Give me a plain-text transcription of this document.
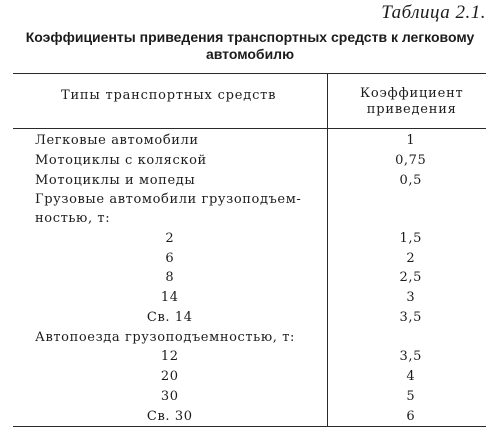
Таблица 2.1.
Коэффициенты приведения транспортных средств к легковому
автомобилю
Типы транспортных средств	Коэффициент
приведения

Легковые автомобили	1
Мотоциклы с коляской	0,75
Мотоциклы и мопеды	0,5
Грузовые автомобили грузоподъем-ностью, т:	
2	1,5
6	2
8	2,5
14	3
Св. 14	3,5
Автопоезда грузоподъемностью, т:	
12	3,5
20	4
30	5
Св. 30	6
